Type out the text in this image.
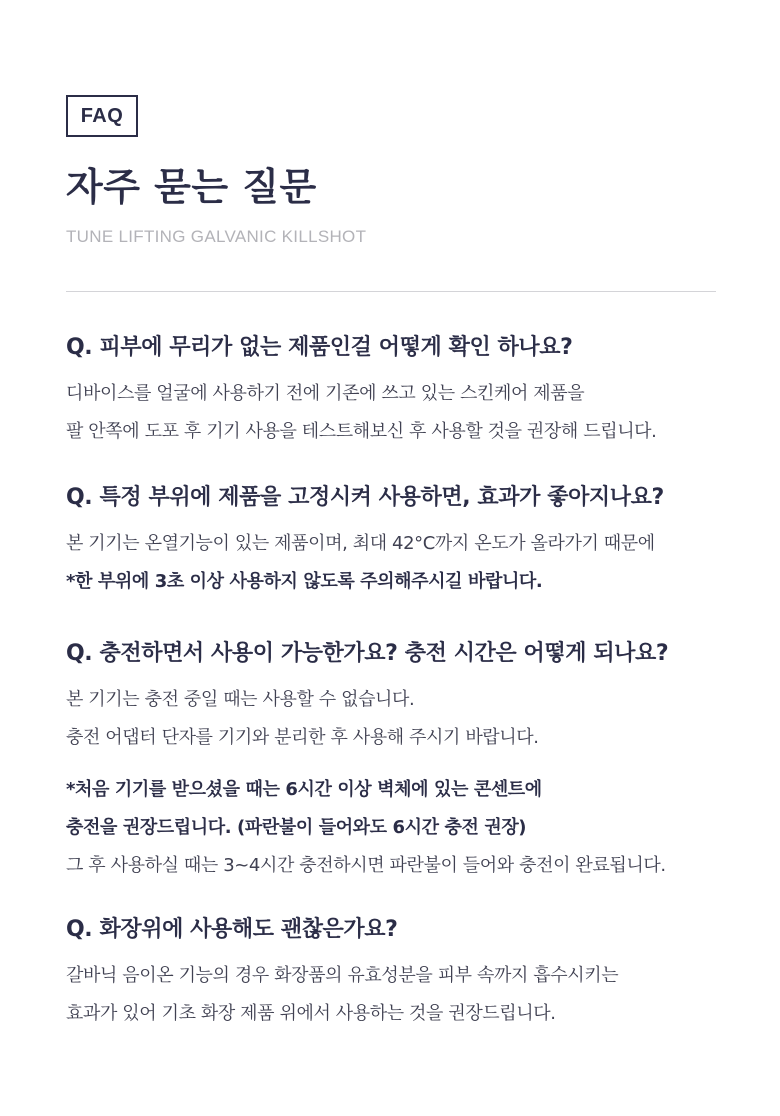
FAQ
자주 묻는 질문
TUNE LIFTING GALVANIC KILLSHOT
Q. 피부에 무리가 없는 제품인걸 어떻게 확인 하나요?
디바이스를 얼굴에 사용하기 전에 기존에 쓰고 있는 스킨케어 제품을
팔 안쪽에 도포 후 기기 사용을 테스트해보신 후 사용할 것을 권장해 드립니다.
Q. 특정 부위에 제품을 고정시켜 사용하면, 효과가 좋아지나요?
본 기기는 온열기능이 있는 제품이며, 최대 42°C까지 온도가 올라가기 때문에
*한 부위에 3초 이상 사용하지 않도록 주의해주시길 바랍니다.
Q. 충전하면서 사용이 가능한가요? 충전 시간은 어떻게 되나요?
본 기기는 충전 중일 때는 사용할 수 없습니다.
충전 어댑터 단자를 기기와 분리한 후 사용해 주시기 바랍니다.
*처음 기기를 받으셨을 때는 6시간 이상 벽체에 있는 콘센트에
충전을 권장드립니다. (파란불이 들어와도 6시간 충전 권장)
그 후 사용하실 때는 3~4시간 충전하시면 파란불이 들어와 충전이 완료됩니다.
Q. 화장위에 사용해도 괜찮은가요?
갈바닉 음이온 기능의 경우 화장품의 유효성분을 피부 속까지 흡수시키는
효과가 있어 기초 화장 제품 위에서 사용하는 것을 권장드립니다.
